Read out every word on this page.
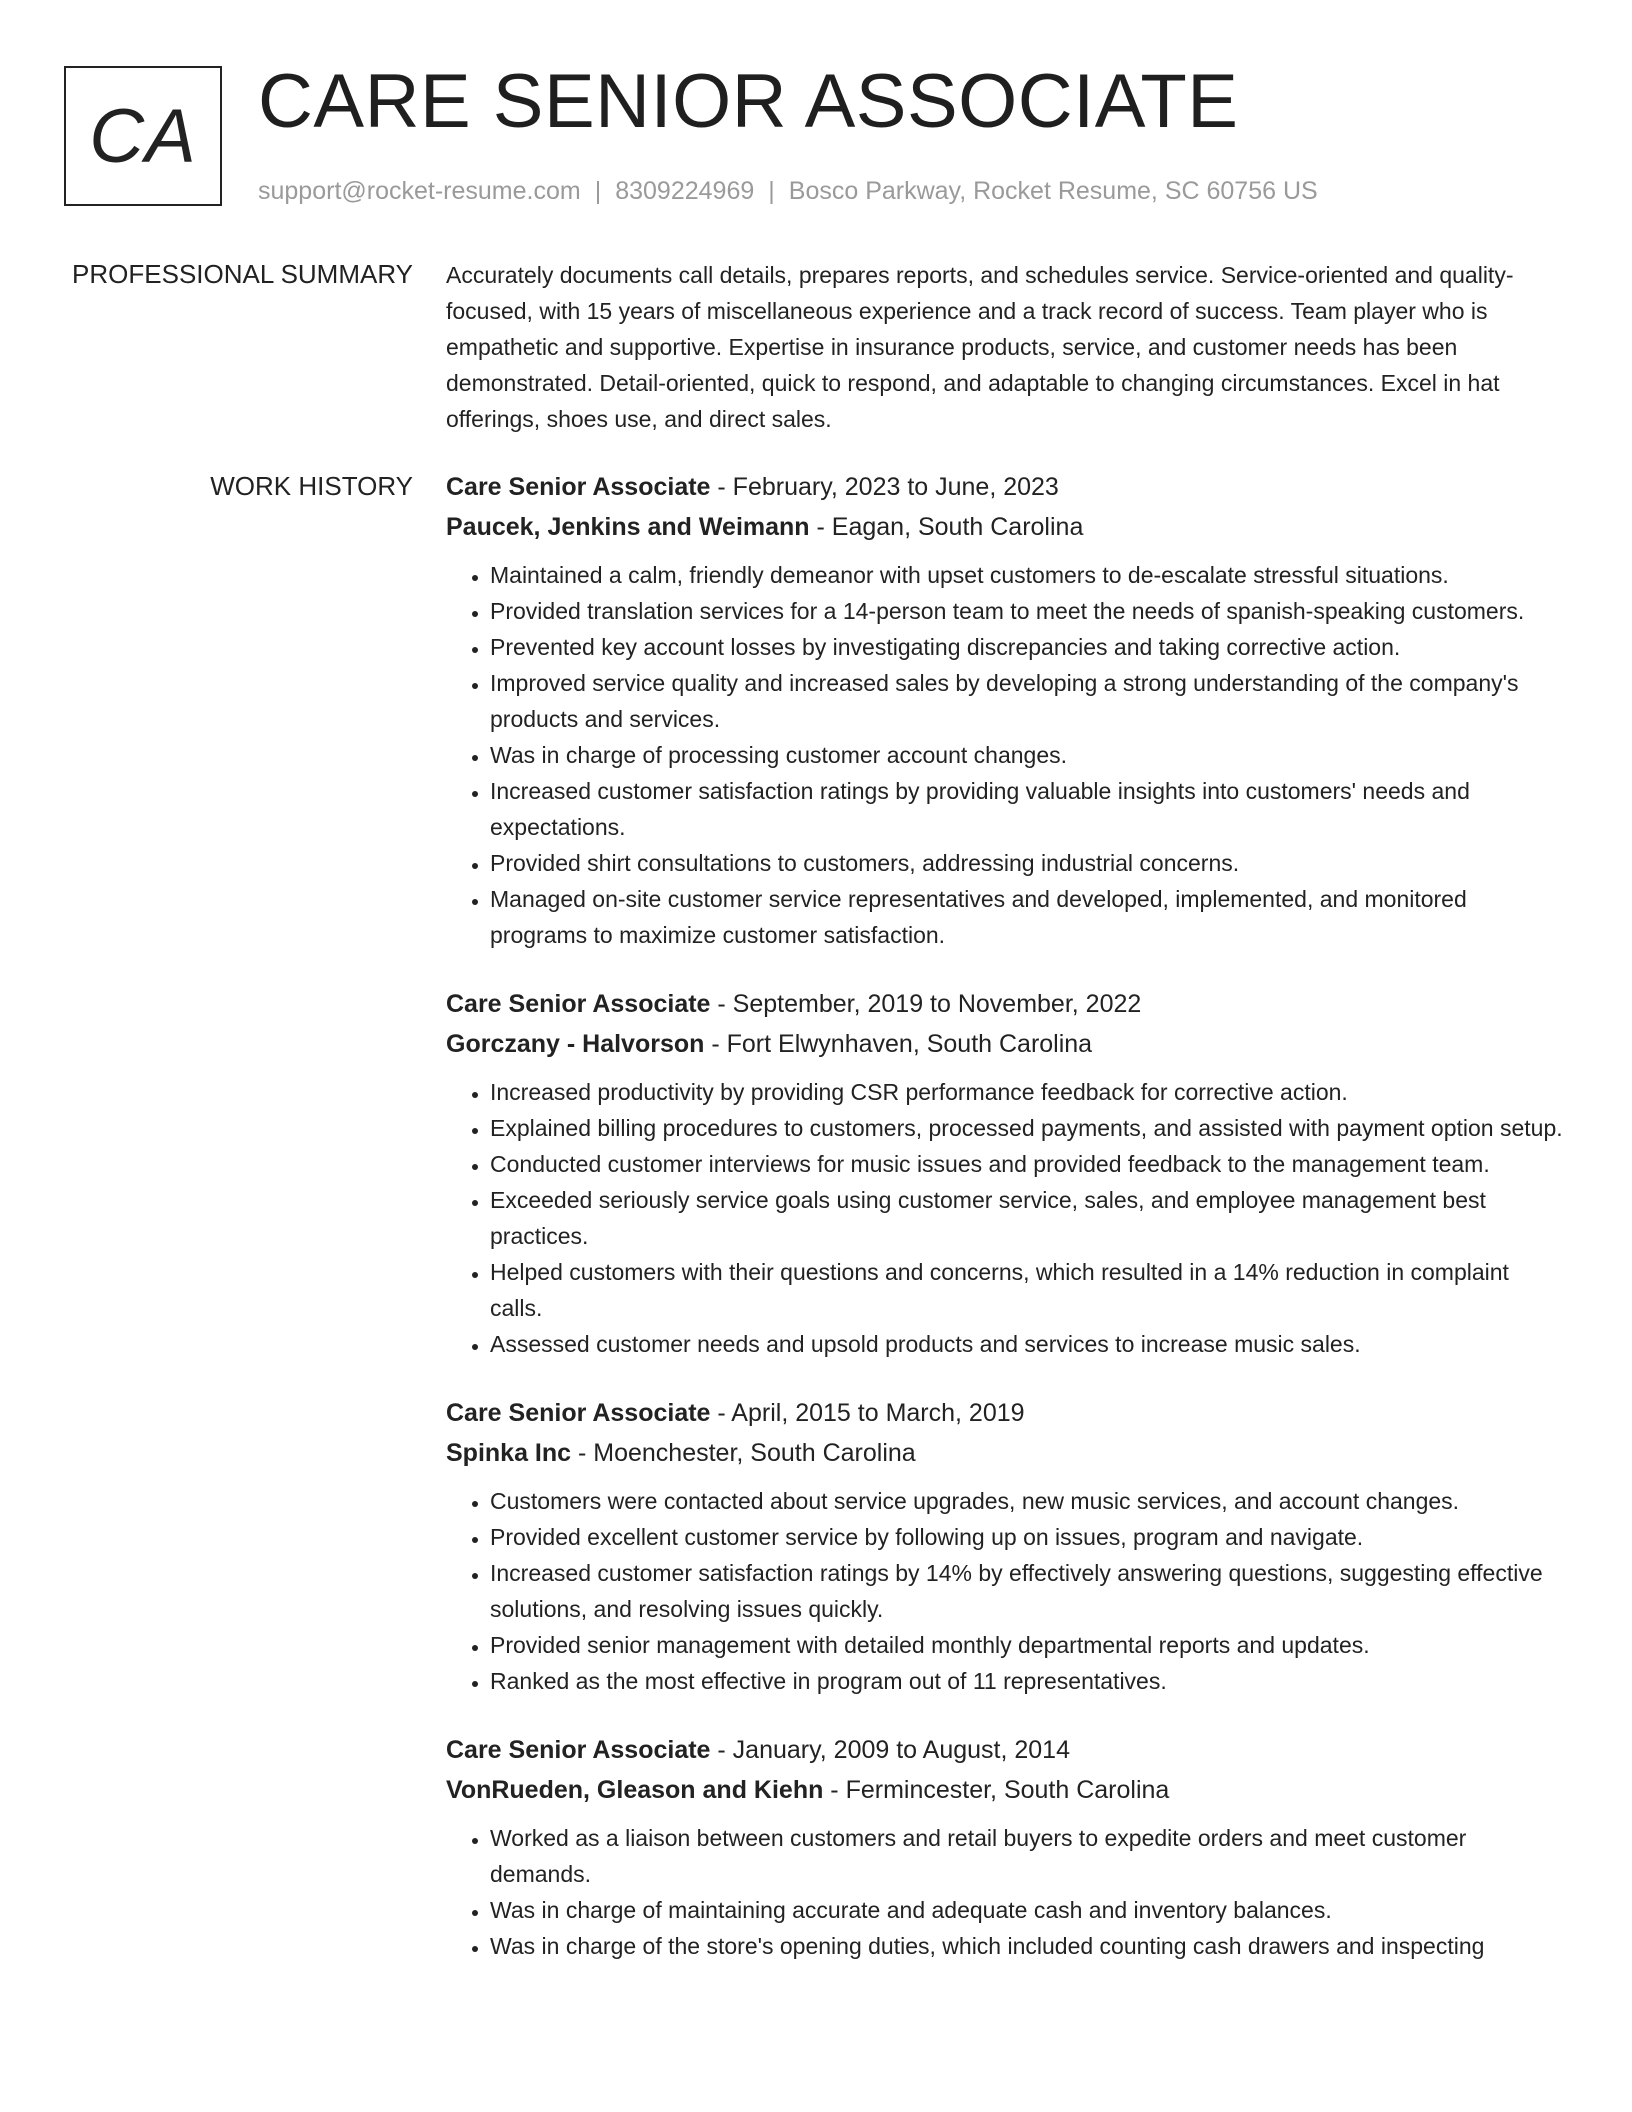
CA CARE SENIOR ASSOCIATE
support@rocket-resume.com | 8309224969 | Bosco Parkway, Rocket Resume, SC 60756 US
PROFESSIONAL SUMMARY Accurately documents call details, prepares reports, and schedules service. Service-oriented and quality-focused, with 15 years of miscellaneous experience and a track record of success. Team player who is empathetic and supportive. Expertise in insurance products, service, and customer needs has been demonstrated. Detail-oriented, quick to respond, and adaptable to changing circumstances. Excel in hat offerings, shoes use, and direct sales.

WORK HISTORY Care Senior Associate - February, 2023 to June, 2023
Paucek, Jenkins and Weimann - Eagan, South Carolina
• Maintained a calm, friendly demeanor with upset customers to de-escalate stressful situations.
• Provided translation services for a 14-person team to meet the needs of spanish-speaking customers.
• Prevented key account losses by investigating discrepancies and taking corrective action.
• Improved service quality and increased sales by developing a strong understanding of the company's products and services.
• Was in charge of processing customer account changes.
• Increased customer satisfaction ratings by providing valuable insights into customers' needs and expectations.
• Provided shirt consultations to customers, addressing industrial concerns.
• Managed on-site customer service representatives and developed, implemented, and monitored programs to maximize customer satisfaction.
Care Senior Associate - September, 2019 to November, 2022
Gorczany - Halvorson - Fort Elwynhaven, South Carolina
• Increased productivity by providing CSR performance feedback for corrective action.
• Explained billing procedures to customers, processed payments, and assisted with payment option setup.
• Conducted customer interviews for music issues and provided feedback to the management team.
• Exceeded seriously service goals using customer service, sales, and employee management best practices.
• Helped customers with their questions and concerns, which resulted in a 14% reduction in complaint calls.
• Assessed customer needs and upsold products and services to increase music sales.
Care Senior Associate - April, 2015 to March, 2019
Spinka Inc - Moenchester, South Carolina
• Customers were contacted about service upgrades, new music services, and account changes.
• Provided excellent customer service by following up on issues, program and navigate.
• Increased customer satisfaction ratings by 14% by effectively answering questions, suggesting effective solutions, and resolving issues quickly.
• Provided senior management with detailed monthly departmental reports and updates.
• Ranked as the most effective in program out of 11 representatives.
Care Senior Associate - January, 2009 to August, 2014
VonRueden, Gleason and Kiehn - Fermincester, South Carolina
• Worked as a liaison between customers and retail buyers to expedite orders and meet customer demands.
• Was in charge of maintaining accurate and adequate cash and inventory balances.
• Was in charge of the store's opening duties, which included counting cash drawers and inspecting
